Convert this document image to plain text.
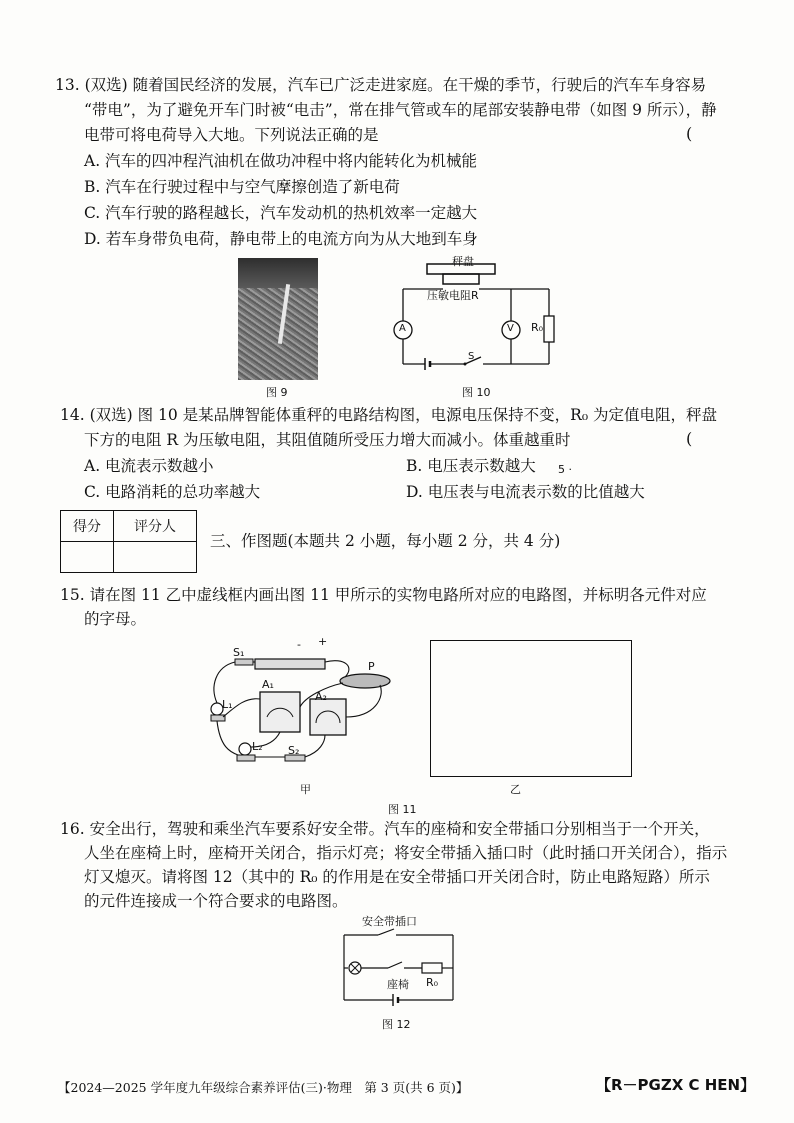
13. (双选) 随着国民经济的发展，汽车已广泛走进家庭。在干燥的季节，行驶后的汽车车身容易
“带电”，为了避免开车门时被“电击”，常在排气管或车的尾部安装静电带（如图 9 所示），静
电带可将电荷导入大地。下列说法正确的是	(
A. 汽车的四冲程汽油机在做功冲程中将内能转化为机械能
B. 汽车在行驶过程中与空气摩擦创造了新电荷
C. 汽车行驶的路程越长，汽车发动机的热机效率一定越大
D. 若车身带负电荷，静电带上的电流方向为从大地到车身
图 9
秤盘
压敏电阻R
A	V R₀
S
图 10
14. (双选) 图 10 是某品牌智能体重秤的电路结构图，电源电压保持不变，R₀ 为定值电阻，秤盘
下方的电阻 R 为压敏电阻，其阻值随所受压力增大而减小。体重越重时	(
A. 电流表示数越小	B. 电压表示数越大 5 ·
C. 电路消耗的总功率越大	D. 电压表与电流表示数的比值越大
得分	评分人

三、作图题(本题共 2 小题，每小题 2 分，共 4 分)
15. 请在图 11 乙中虚线框内画出图 11 甲所示的实物电路所对应的电路图，并标明各元件对应
的字母。
S₁
- +
P
L₁
A₁
A₂
L₂ S₂
甲	乙
图 11
16. 安全出行，驾驶和乘坐汽车要系好安全带。汽车的座椅和安全带插口分别相当于一个开关，
人坐在座椅上时，座椅开关闭合，指示灯亮；将安全带插入插口时（此时插口开关闭合），指示
灯又熄灭。请将图 12（其中的 R₀ 的作用是在安全带插口开关闭合时，防止电路短路）所示
的元件连接成一个符合要求的电路图。
安全带插口
座椅 R₀
图 12
【2024—2025 学年度九年级综合素养评估(三)·物理　第 3 页(共 6 页)】	【R－PGZX C HEN】
